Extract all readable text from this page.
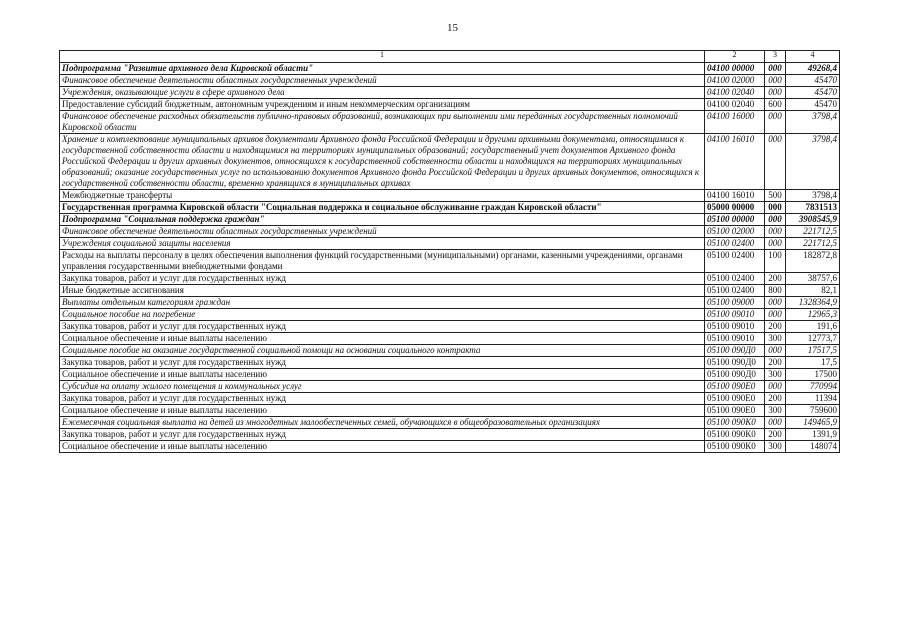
15
1	2	3	4
Подпрограмма "Развитие архивного дела Кировской области"	04100 00000	000	49268,4
Финансовое обеспечение деятельности областных государственных учреждений	04100 02000	000	45470
Учреждения, оказывающие услуги в сфере архивного дела	04100 02040	000	45470
Предоставление субсидий бюджетным, автономным учреждениям и иным некоммерческим организациям	04100 02040	600	45470
Финансовое обеспечение расходных обязательств публично-правовых образований, возникающих при выполнении ими переданных государственных полномочий Кировской области	04100 16000	000	3798,4
Хранение и комплектование муниципальных архивов документами Архивного фонда Российской Федерации и другими архивными документами, относящимися к государственной собственности области и находящимися на территориях муниципальных образований; государственный учет документов Архивного фонда Российской Федерации и других архивных документов, относящихся к государственной собственности области и находящихся на территориях муниципальных образований; оказание государственных услуг по использованию документов Архивного фонда Российской Федерации и других архивных документов, относящихся к государственной собственности области, временно хранящихся в муниципальных архивах	04100 16010	000	3798,4
Межбюджетные трансферты	04100 16010	500	3798,4
Государственная программа Кировской области "Социальная поддержка и социальное обслуживание граждан Кировской области"	05000 00000	000	7831513
Подпрограмма "Социальная поддержка граждан"	05100 00000	000	3908545,9
Финансовое обеспечение деятельности областных государственных учреждений	05100 02000	000	221712,5
Учреждения социальной защиты населения	05100 02400	000	221712,5
Расходы на выплаты персоналу в целях обеспечения выполнения функций государственными (муниципальными) органами, казенными учреждениями, органами управления государственными внебюджетными фондами	05100 02400	100	182872,8
Закупка товаров, работ и услуг для государственных нужд	05100 02400	200	38757,6
Иные бюджетные ассигнования	05100 02400	800	82,1
Выплаты отдельным категориям граждан	05100 09000	000	1328364,9
Социальное пособие на погребение	05100 09010	000	12965,3
Закупка товаров, работ и услуг для государственных нужд	05100 09010	200	191,6
Социальное обеспечение и иные выплаты населению	05100 09010	300	12773,7
Социальное пособие на оказание государственной социальной помощи на основании социального контракта	05100 090Д0	000	17517,5
Закупка товаров, работ и услуг для государственных нужд	05100 090Д0	200	17,5
Социальное обеспечение и иные выплаты населению	05100 090Д0	300	17500
Субсидия на оплату жилого помещения и коммунальных услуг	05100 090Е0	000	770994
Закупка товаров, работ и услуг для государственных нужд	05100 090Е0	200	11394
Социальное обеспечение и иные выплаты населению	05100 090Е0	300	759600
Ежемесячная социальная выплата на детей из многодетных малообеспеченных семей, обучающихся в общеобразовательных организациях	05100 090К0	000	149465,9
Закупка товаров, работ и услуг для государственных нужд	05100 090К0	200	1391,9
Социальное обеспечение и иные выплаты населению	05100 090К0	300	148074
